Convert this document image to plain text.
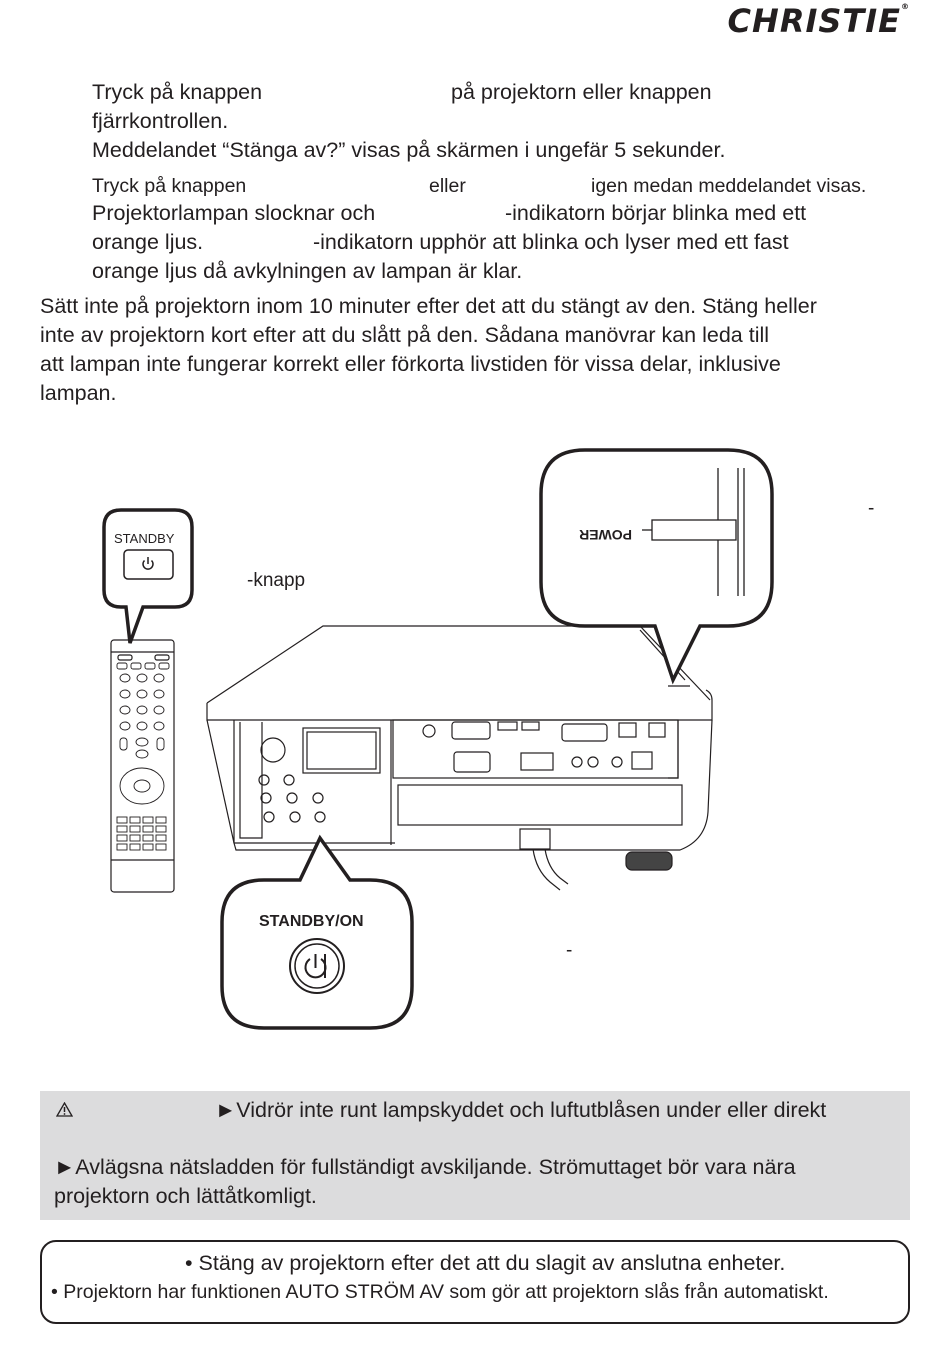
CHRISTIE®
Tryck på knappen	på projektorn eller knappen
fjärrkontrollen.
Meddelandet “Stänga av?” visas på skärmen i ungefär 5 sekunder.
Tryck på knappen	eller	igen medan meddelandet visas.
Projektorlampan slocknar och	-indikatorn börjar blinka med ett
orange ljus.	-indikatorn upphör att blinka och lyser med ett fast
orange ljus då avkylningen av lampan är klar.
Sätt inte på projektorn inom 10 minuter efter det att du stängt av den. Stäng heller
inte av projektorn kort efter att du slått på den. Sådana manövrar kan leda till
att lampan inte fungerar korrekt eller förkorta livstiden för vissa delar, inklusive
lampan.
STANDBY
-knapp
POWER
-
STANDBY/ON
-
►Vidrör inte runt lampskyddet och luftutblåsen under eller direkt
►Avlägsna nätsladden för fullständigt avskiljande. Strömuttaget bör vara nära
projektorn och lättåtkomligt.
• Stäng av projektorn efter det att du slagit av anslutna enheter.
• Projektorn har funktionen AUTO STRÖM AV som gör att projektorn slås från automatiskt.
